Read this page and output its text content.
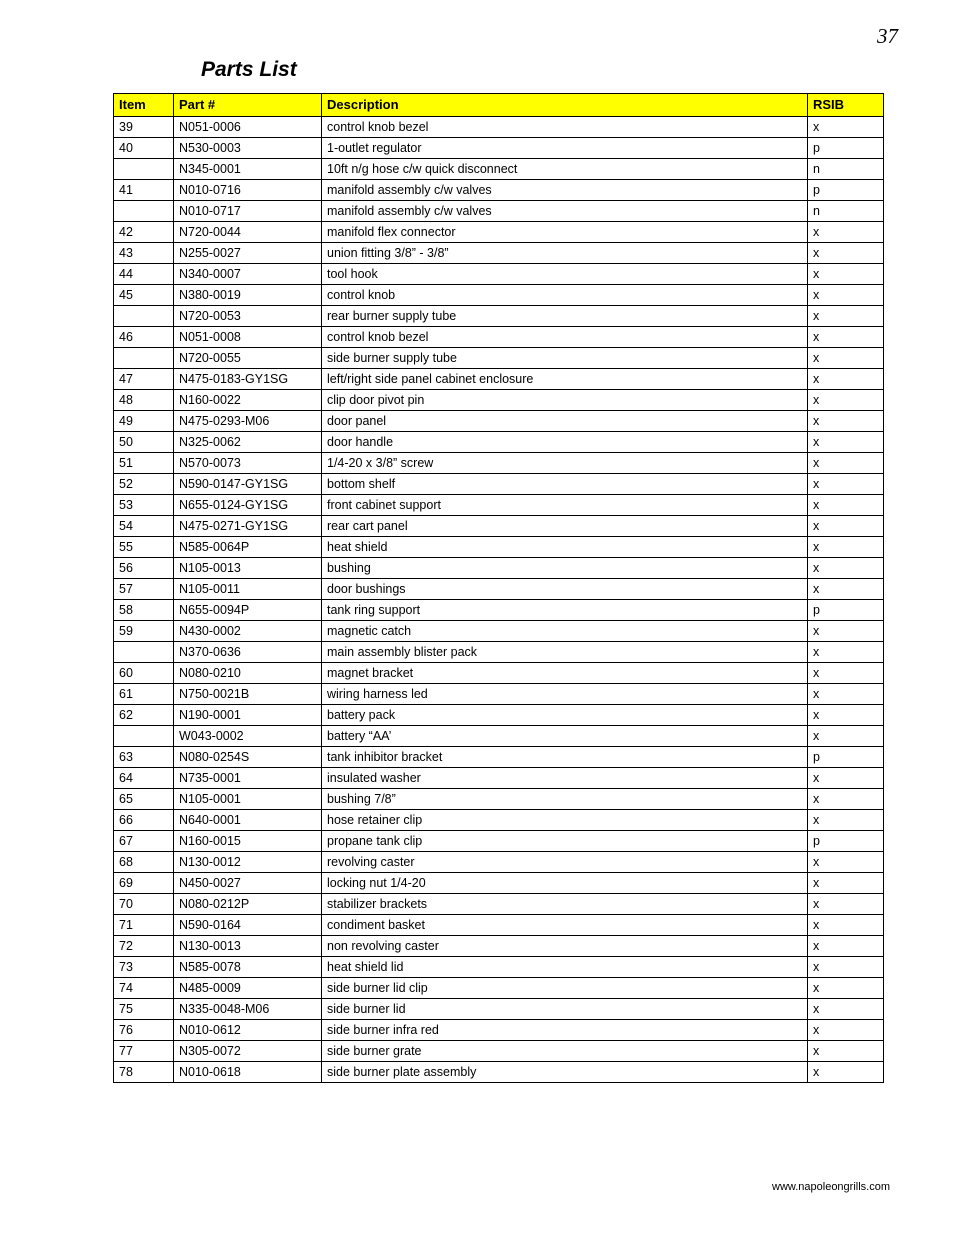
37
Parts List
Item	Part #	Description	RSIB
39	N051-0006	control knob bezel	x
40	N530-0003	1-outlet regulator	p
	N345-0001	10ft n/g hose c/w quick disconnect	n
41	N010-0716	manifold assembly c/w valves	p
	N010-0717	manifold assembly c/w valves	n
42	N720-0044	manifold flex connector	x
43	N255-0027	union fitting 3/8” - 3/8”	x
44	N340-0007	tool hook	x
45	N380-0019	control knob	x
	N720-0053	rear burner supply tube	x
46	N051-0008	control knob bezel	x
	N720-0055	side burner supply tube	x
47	N475-0183-GY1SG	left/right side panel cabinet enclosure	x
48	N160-0022	clip door pivot pin	x
49	N475-0293-M06	door panel	x
50	N325-0062	door handle	x
51	N570-0073	1/4-20 x 3/8” screw	x
52	N590-0147-GY1SG	bottom shelf	x
53	N655-0124-GY1SG	front cabinet support	x
54	N475-0271-GY1SG	rear cart panel	x
55	N585-0064P	heat shield	x
56	N105-0013	bushing	x
57	N105-0011	door bushings	x
58	N655-0094P	tank ring support	p
59	N430-0002	magnetic catch	x
	N370-0636	main assembly blister pack	x
60	N080-0210	magnet bracket	x
61	N750-0021B	wiring harness led	x
62	N190-0001	battery pack	x
	W043-0002	battery “AA’	x
63	N080-0254S	tank inhibitor bracket	p
64	N735-0001	insulated washer	x
65	N105-0001	bushing 7/8”	x
66	N640-0001	hose retainer clip	x
67	N160-0015	propane tank clip	p
68	N130-0012	revolving caster	x
69	N450-0027	locking nut 1/4-20	x
70	N080-0212P	stabilizer brackets	x
71	N590-0164	condiment basket	x
72	N130-0013	non revolving caster	x
73	N585-0078	heat shield lid	x
74	N485-0009	side burner lid clip	x
75	N335-0048-M06	side burner lid	x
76	N010-0612	side burner infra red	x
77	N305-0072	side burner grate	x
78	N010-0618	side burner plate assembly	x
www.napoleongrills.com
